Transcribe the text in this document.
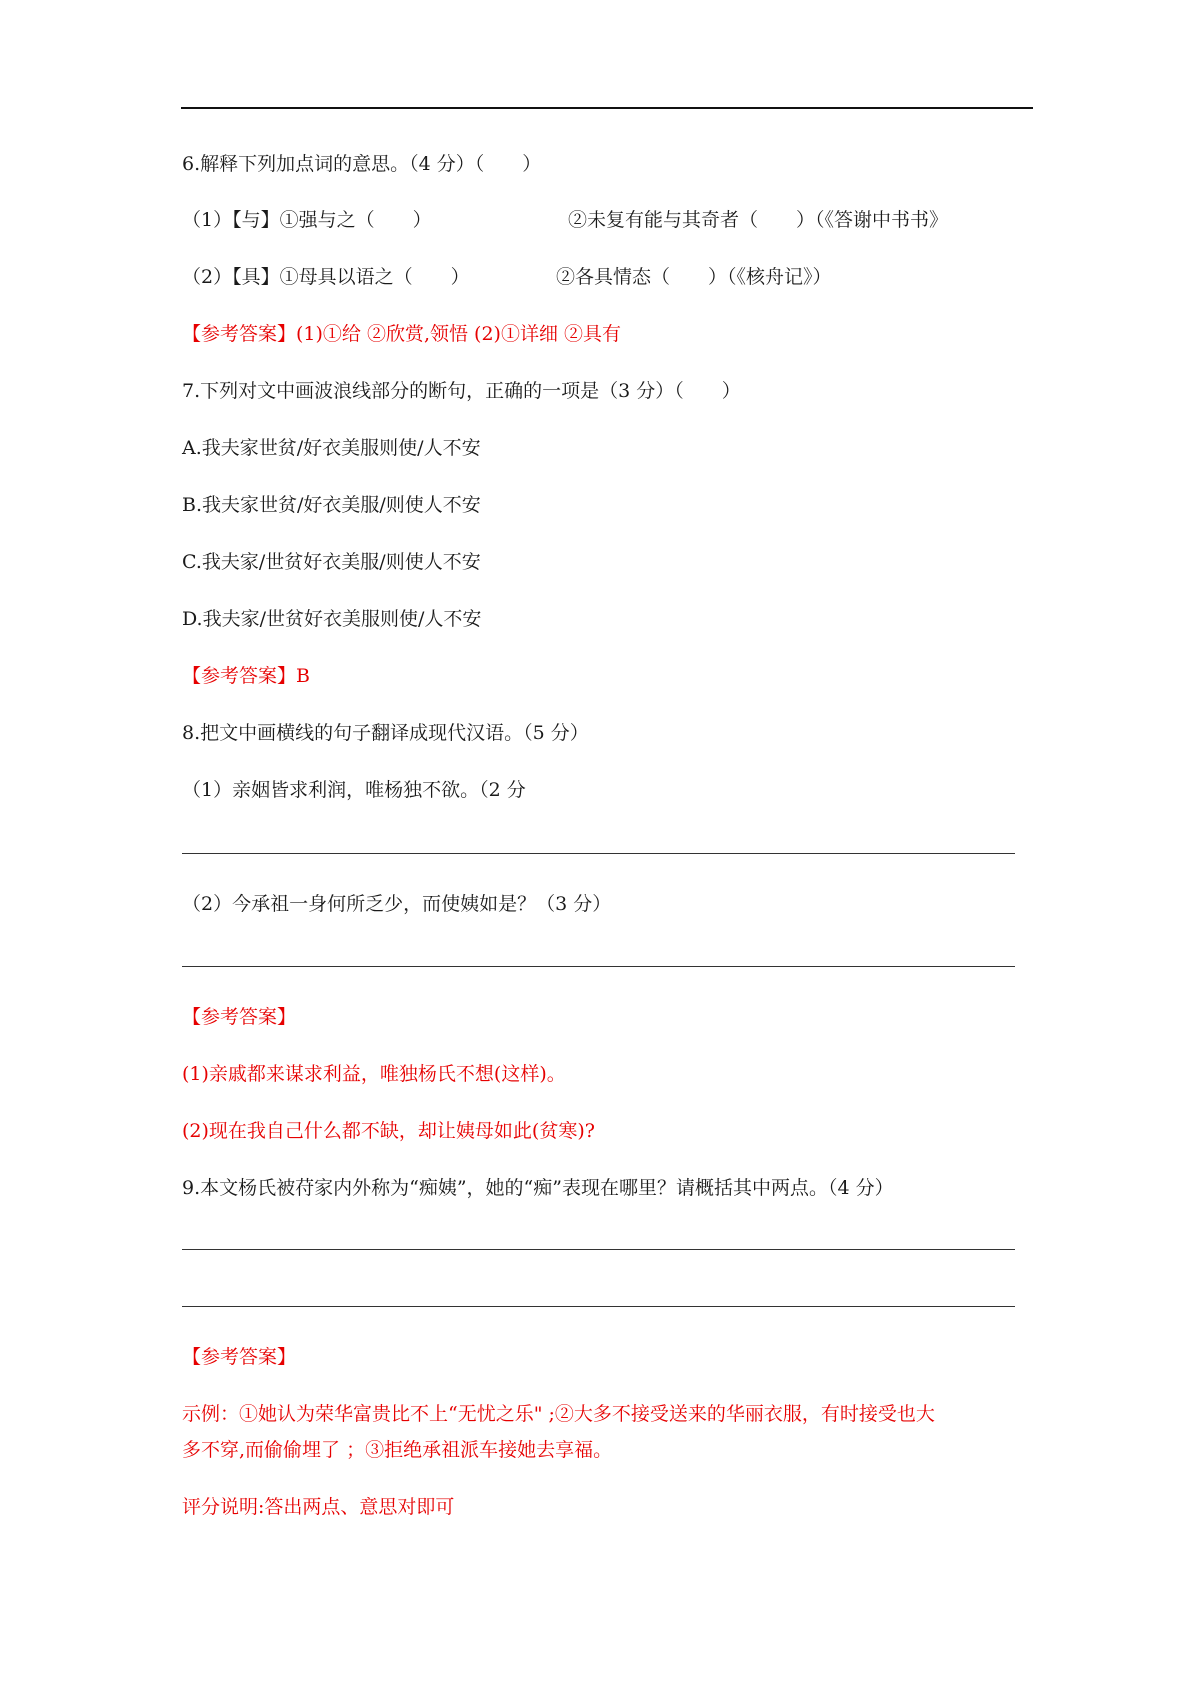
6.解释下列加点词的意思。（4 分）（　　）
（1）【与】①强与之（　　）	②未复有能与其奇者（　　）（《答谢中书书》
（2）【具】①母具以语之（　　）	②各具情态（　　）（《核舟记》）
【参考答案】(1)①给 ②欣赏,领悟 (2)①详细 ②具有
7.下列对文中画波浪线部分的断句，正确的一项是（3 分）（　　）
A.我夫家世贫/好衣美服则使/人不安
B.我夫家世贫/好衣美服/则使人不安
C.我夫家/世贫好衣美服/则使人不安
D.我夫家/世贫好衣美服则使/人不安
【参考答案】B
8.把文中画横线的句子翻译成现代汉语。（5 分）
（1）亲姻皆求利润，唯杨独不欲。（2 分
（2）今承祖一身何所乏少，而使姨如是？（3 分）
【参考答案】
(1)亲戚都来谋求利益，唯独杨氏不想(这样)。
(2)现在我自己什么都不缺，却让姨母如此(贫寒)?
9.本文杨氏被苻家内外称为“痴姨”，她的“痴”表现在哪里？请概括其中两点。（4 分）
【参考答案】
示例：①她认为荣华富贵比不上“无忧之乐" ;②大多不接受送来的华丽衣服，有时接受也大
多不穿,而偷偷埋了 ；③拒绝承祖派车接她去享福。
评分说明:答出两点、意思对即可
